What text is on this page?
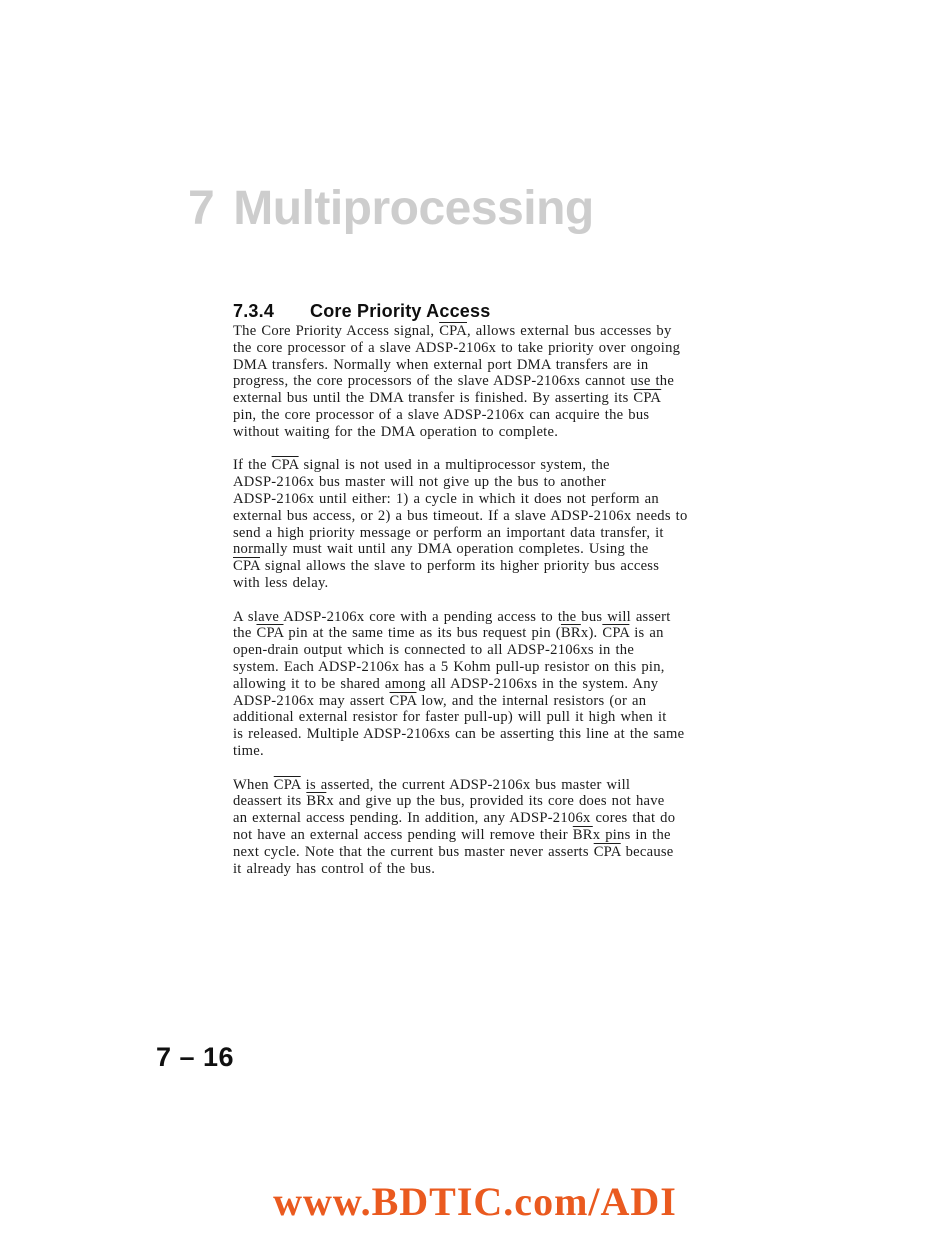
7 Multiprocessing
7.3.4 Core Priority Access
The Core Priority Access signal, $\overline{CPA}$, allows external bus accesses by
the core processor of a slave ADSP-2106x to take priority over ongoing
DMA transfers. Normally when external port DMA transfers are in
progress, the core processors of the slave ADSP-2106xs cannot use the
external bus until the DMA transfer is finished. By asserting its $\overline{CPA}$
pin, the core processor of a slave ADSP-2106x can acquire the bus
without waiting for the DMA operation to complete.
If the $\overline{CPA}$ signal is not used in a multiprocessor system, the
ADSP-2106x bus master will not give up the bus to another
ADSP-2106x until either: 1) a cycle in which it does not perform an
external bus access, or 2) a bus timeout. If a slave ADSP-2106x needs to
send a high priority message or perform an important data transfer, it
normally must wait until any DMA operation completes. Using the
$\overline{CPA}$ signal allows the slave to perform its higher priority bus access
with less delay.
A slave ADSP-2106x core with a pending access to the bus will assert
the $\overline{CPA}$ pin at the same time as its bus request pin $(\overline{BR}x)$. $\overline{CPA}$ is an
open-drain output which is connected to all ADSP-2106xs in the
system. Each ADSP-2106x has a 5 Kohm pull-up resistor on this pin,
allowing it to be shared among all ADSP-2106xs in the system. Any
ADSP-2106x may assert $\overline{CPA}$ low, and the internal resistors (or an
additional external resistor for faster pull-up) will pull it high when it
is released. Multiple ADSP-2106xs can be asserting this line at the same
time.
When $\overline{CPA}$ is asserted, the current ADSP-2106x bus master will
deassert its $\overline{BR}x$ and give up the bus, provided its core does not have
an external access pending. In addition, any ADSP-2106x cores that do
not have an external access pending will remove their $\overline{BR}x$ pins in the
next cycle. Note that the current bus master never asserts $\overline{CPA}$ because
it already has control of the bus.
7 – 16
www.BDTIC.com/ADI
